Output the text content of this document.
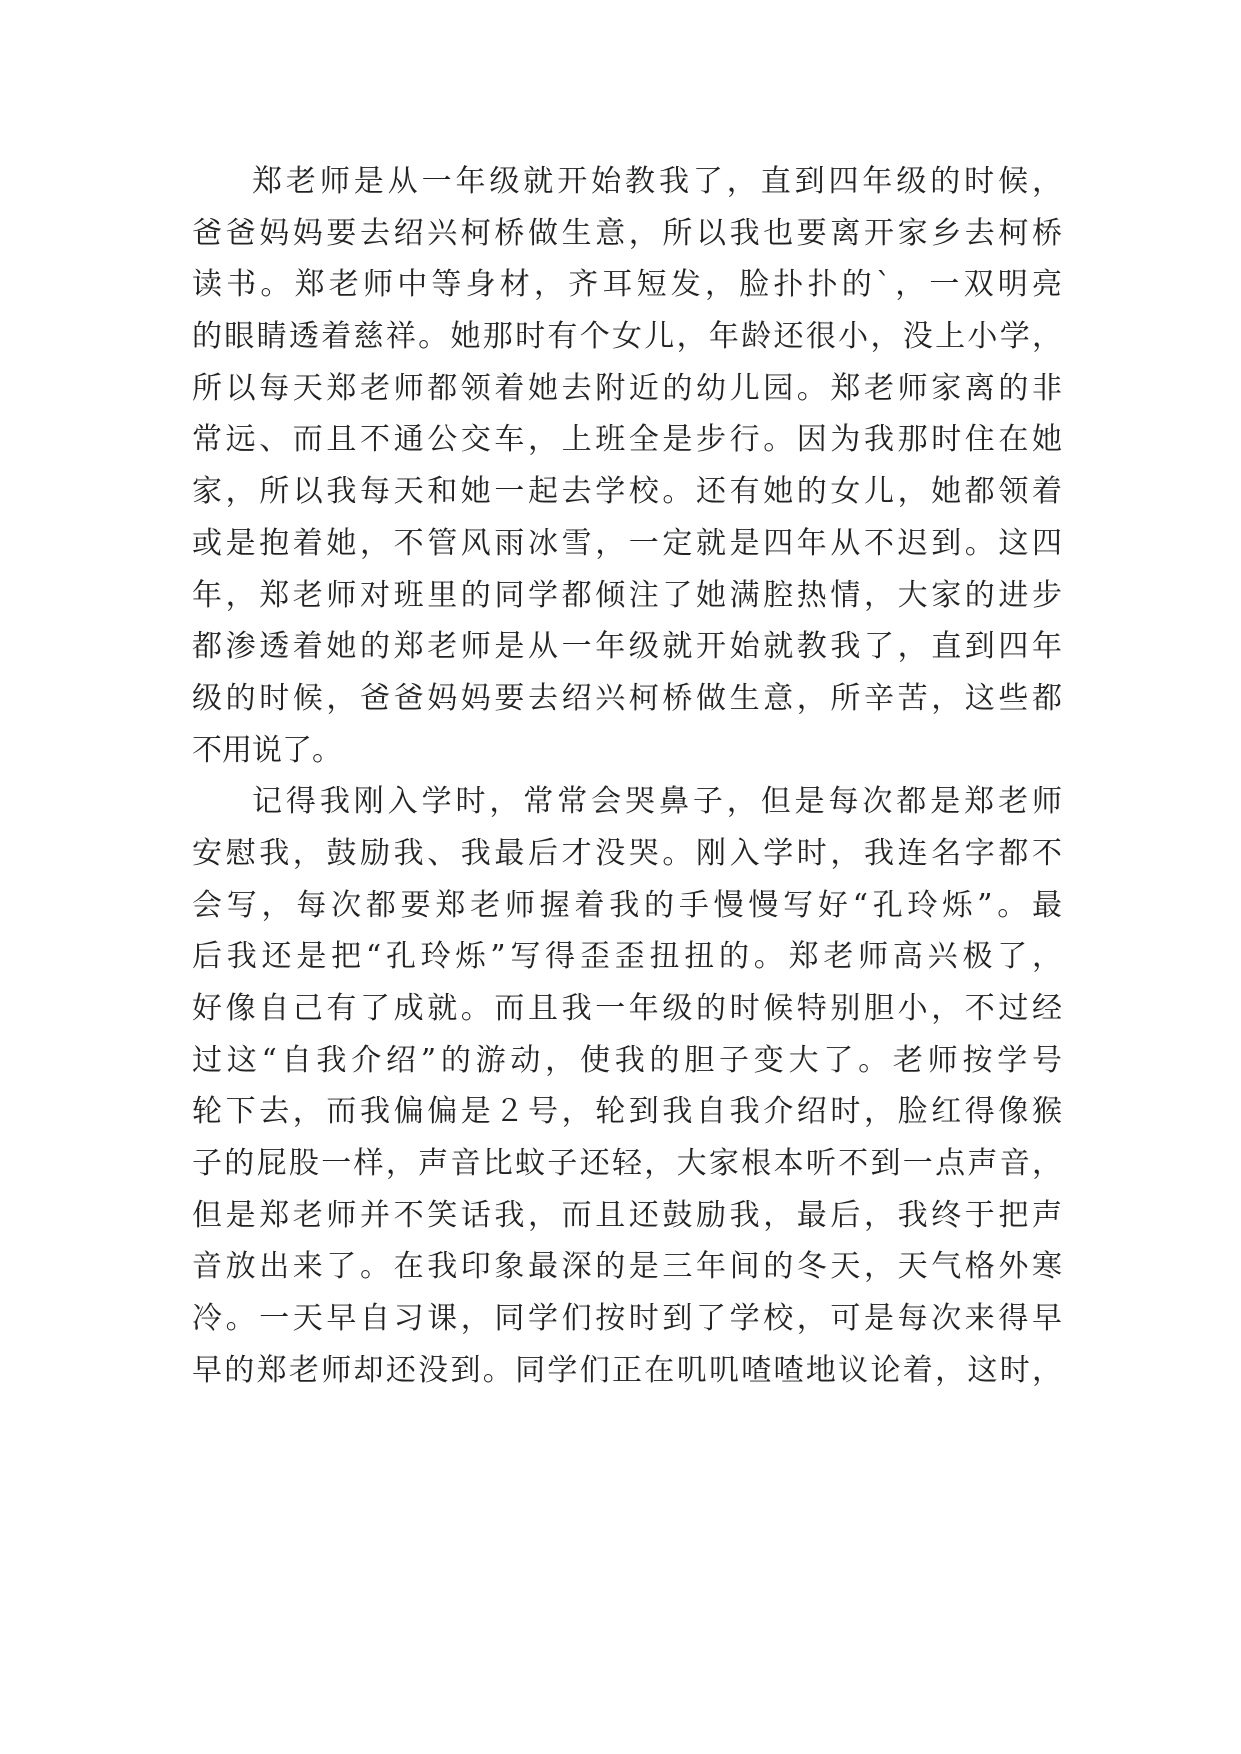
郑老师是从一年级就开始教我了，直到四年级的时候，
爸爸妈妈要去绍兴柯桥做生意，所以我也要离开家乡去柯桥
读书。郑老师中等身材，齐耳短发，脸扑扑的`，一双明亮
的眼睛透着慈祥。她那时有个女儿，年龄还很小，没上小学，
所以每天郑老师都领着她去附近的幼儿园。郑老师家离的非
常远、而且不通公交车，上班全是步行。因为我那时住在她
家，所以我每天和她一起去学校。还有她的女儿，她都领着
或是抱着她，不管风雨冰雪，一定就是四年从不迟到。这四
年，郑老师对班里的同学都倾注了她满腔热情，大家的进步
都渗透着她的郑老师是从一年级就开始就教我了，直到四年
级的时候，爸爸妈妈要去绍兴柯桥做生意，所辛苦，这些都
不用说了。
记得我刚入学时，常常会哭鼻子，但是每次都是郑老师
安慰我，鼓励我、我最后才没哭。刚入学时，我连名字都不
会写，每次都要郑老师握着我的手慢慢写好“孔玲烁”。最
后我还是把“孔玲烁”写得歪歪扭扭的。郑老师高兴极了，
好像自己有了成就。而且我一年级的时候特别胆小，不过经
过这“自我介绍”的游动，使我的胆子变大了。老师按学号
轮下去，而我偏偏是２号，轮到我自我介绍时，脸红得像猴
子的屁股一样，声音比蚊子还轻，大家根本听不到一点声音，
但是郑老师并不笑话我，而且还鼓励我，最后，我终于把声
音放出来了。在我印象最深的是三年间的冬天，天气格外寒
冷。一天早自习课，同学们按时到了学校，可是每次来得早
早的郑老师却还没到。同学们正在叽叽喳喳地议论着，这时，
